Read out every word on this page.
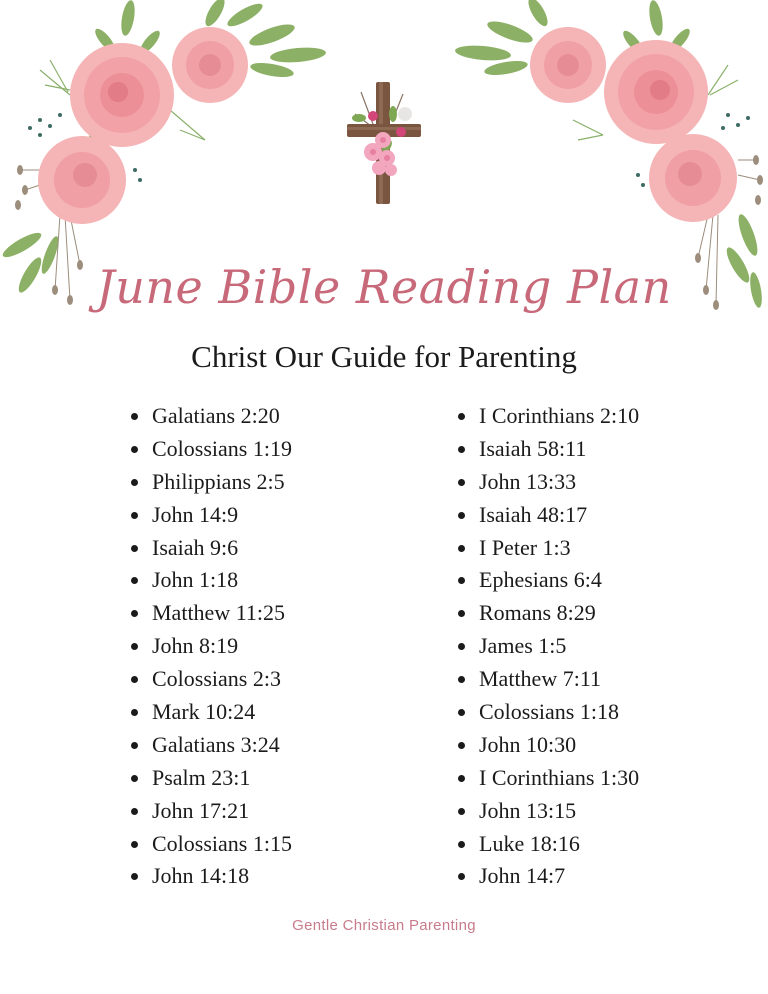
June Bible Reading Plan
Christ Our Guide for Parenting
Galatians 2:20
Colossians 1:19
Philippians 2:5
John 14:9
Isaiah 9:6
John 1:18
Matthew 11:25
John 8:19
Colossians 2:3
Mark 10:24
Galatians 3:24
Psalm 23:1
John 17:21
Colossians 1:15
John 14:18
I Corinthians 2:10
Isaiah 58:11
John 13:33
Isaiah 48:17
I Peter 1:3
Ephesians 6:4
Romans 8:29
James 1:5
Matthew 7:11
Colossians 1:18
John 10:30
I Corinthians 1:30
John 13:15
Luke 18:16
John 14:7
Gentle Christian Parenting
